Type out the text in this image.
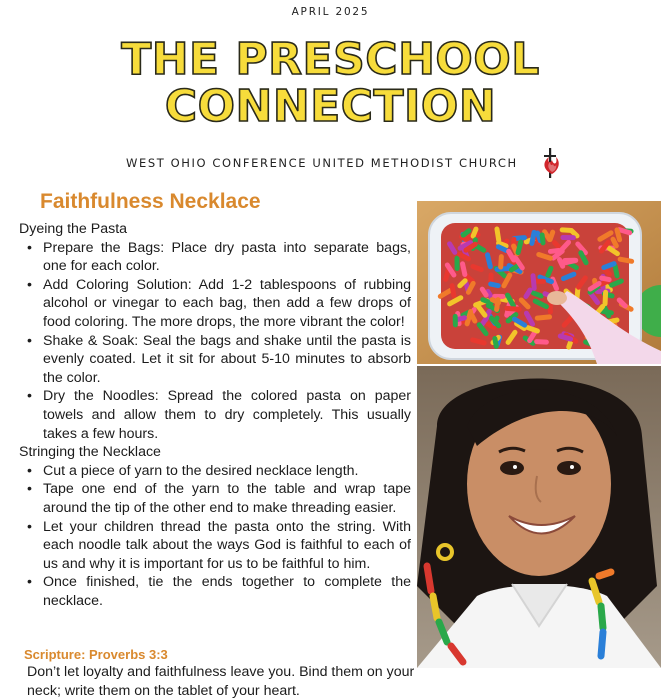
APRIL 2025
THE PRESCHOOL
CONNECTION
WEST OHIO CONFERENCE UNITED METHODIST CHURCH
Faithfulness Necklace

Dyeing the Pasta

• Prepare the Bags: Place dry pasta into separate bags, one for each color.
• Add Coloring Solution: Add 1-2 tablespoons of rubbing alcohol or vinegar to each bag, then add a few drops of food coloring. The more drops, the more vibrant the color!
• Shake & Soak: Seal the bags and shake until the pasta is evenly coated. Let it sit for about 5-10 minutes to absorb the color.
• Dry the Noodles: Spread the colored pasta on paper towels and allow them to dry completely. This usually takes a few hours.

Stringing the Necklace

• Cut a piece of yarn to the desired necklace length.
• Tape one end of the yarn to the table and wrap tape around the tip of the other end to make threading easier.
• Let your children thread the pasta onto the string. With each noodle talk about the ways God is faithful to each of us and why it is important for us to be faithful to him.
• Once finished, tie the ends together to complete the necklace.
Scripture: Proverbs 3:3
Don’t let loyalty and faithfulness leave you. Bind them on your neck; write them on the tablet of your heart.
